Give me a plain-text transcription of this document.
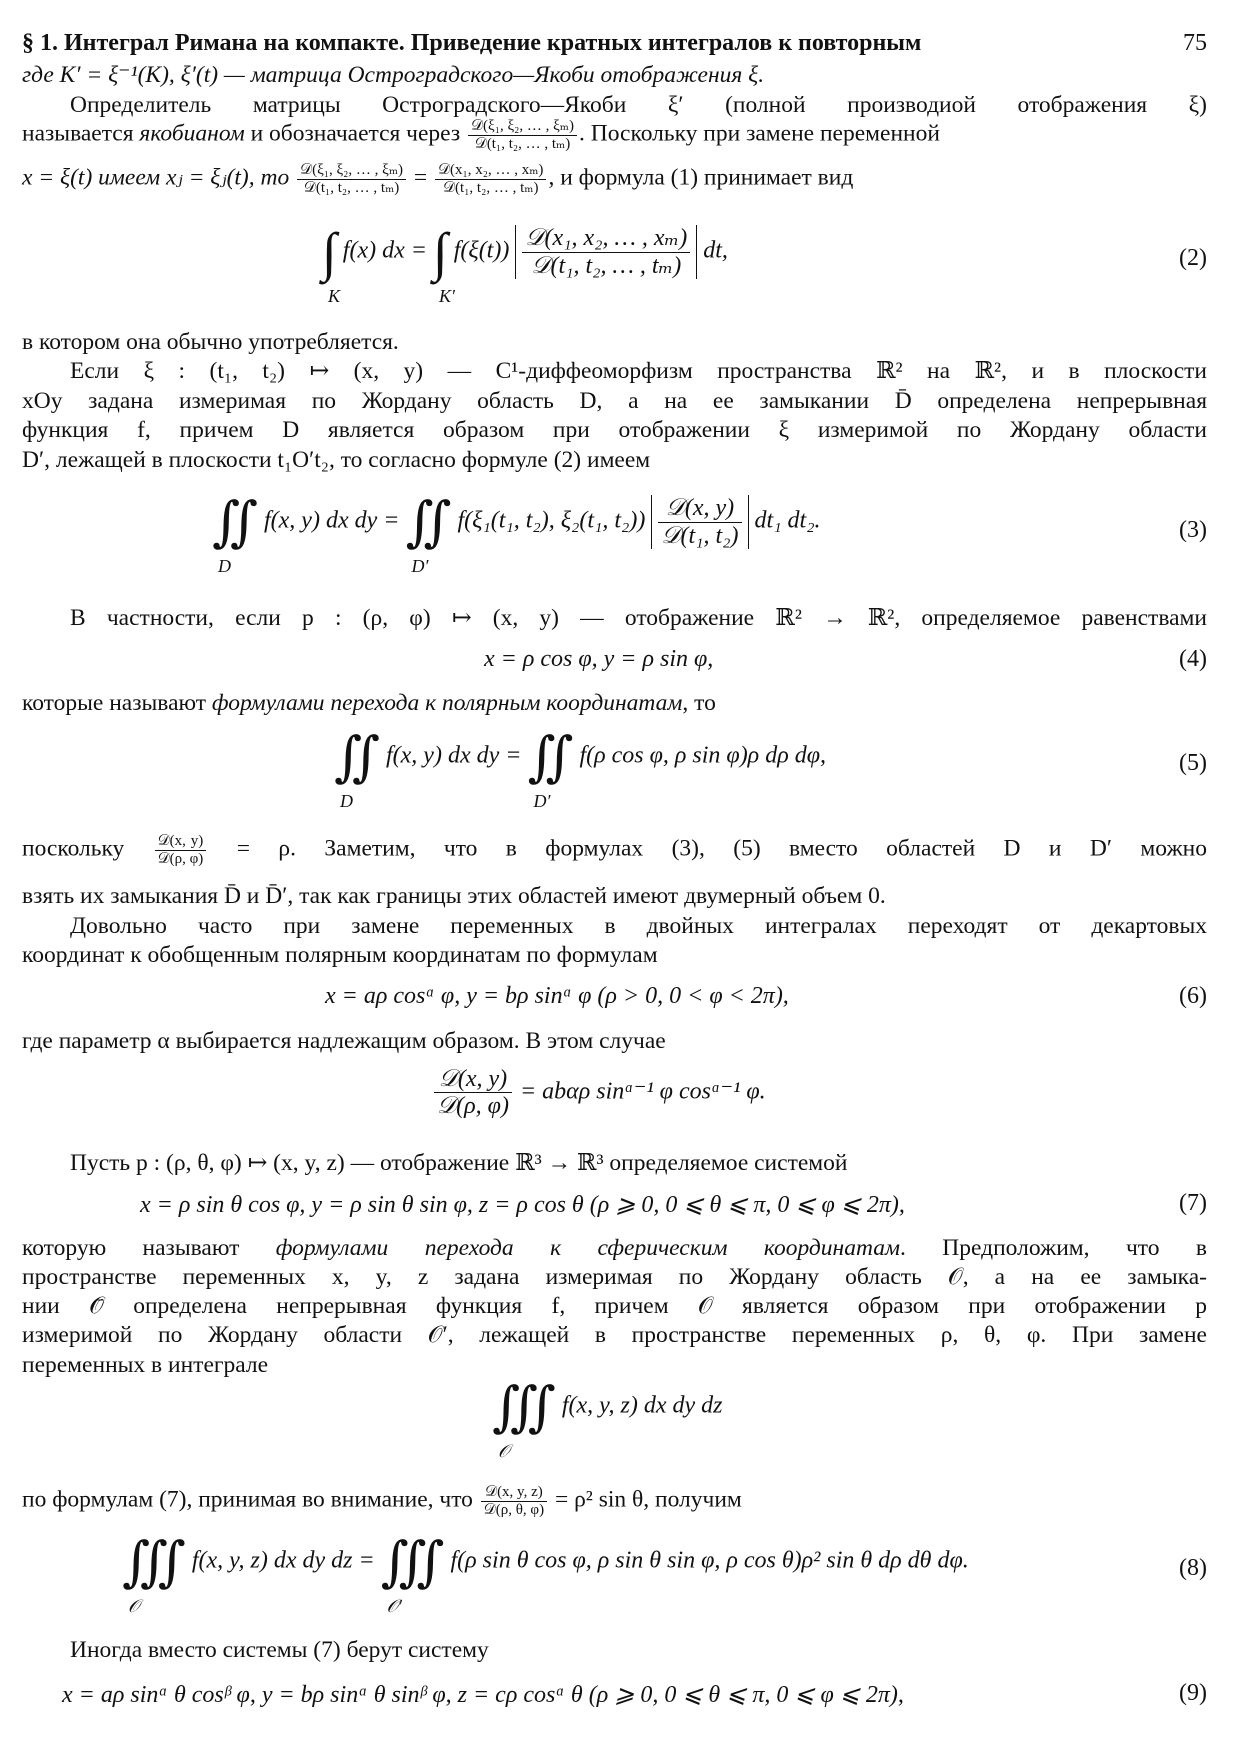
§ 1. Интеграл Римана на компакте. Приведение кратных интегралов к повторным	75
где K′ = ξ⁻¹(K), ξ′(t) — матрица Остроградского—Якоби отображения ξ.
Определитель матрицы Остроградского—Якоби ξ′ (полной производиой отображения ξ)
называется якобианом и обозначается через $\frac{\text{𝒟(ξ₁, ξ₂, … , ξₘ)}}{\text{𝒟(t₁, t₂, … , tₘ)}}$ . Поскольку при замене переменной
x = ξ(t) имеем xⱼ = ξⱼ(t), то $\frac{\text{𝒟(ξ₁, ξ₂, … , ξₘ)}}{\text{𝒟(t₁, t₂, … , tₘ)}} = \frac{\text{𝒟(x₁, x₂, … , xₘ)}}{\text{𝒟(t₁, t₂, … , tₘ)}}$ , и формула (1) принимает вид
∫
K
f(x) dx = ∫
K′
$f(\xi(t)) \frac{\text{𝒟(x₁, x₂, … , xₘ)}}{\text{𝒟(t₁, t₂, … , tₘ)}}$ dt,	(2)
в котором она обычно употребляется.
Если ξ : (t₁, t₂) ↦ (x, y) — C¹-диффеоморфизм пространства ℝ² на ℝ², и в плоскости
xOy задана измеримая по Жордану область D, а на ее замыкании D̄ определена непрерывная
функция f, причем D является образом при отображении ξ измеримой по Жордану области
D′, лежащей в плоскости t₁O′t₂, то согласно формуле (2) имеем
∬
D
f(x, y) dx dy = ∬
D′
f(ξ₁(t₁, t₂), ξ₂(t₁, $t_2)) \frac{\text{𝒟(x, y)}}{\text{𝒟(t₁, t₂)}} dt_1$ dt₂.	(3)
В частности, если p : (ρ, φ) ↦ (x, y) — отображение ℝ² → ℝ², определяемое равенствами
x = ρ cos φ, y = ρ sin φ,	(4)
которые называют формулами перехода к полярным координатам, то
∬
D
f(x, y) dx dy = ∬
D′
f(ρ cos φ, ρ sin φ)ρ dρ dφ,	(5)
поскольку $\frac{\text{𝒟(x, y)}}{\text{𝒟(ρ, φ)}} = \rho$. Заметим, что в формулах (3), (5) вместо областей D и D′ можно
взять их замыкания D̄ и D̄′, так как границы этих областей имеют двумерный объем 0.
Довольно часто при замене переменных в двойных интегралах переходят от декартовых
координат к обобщенным полярным координатам по формулам
x = aρ cosᵅ φ, y = bρ sinᵅ φ (ρ > 0, 0 < φ < 2π),	(6)
где параметр α выбирается надлежащим образом. В этом случае
$\frac{\text{𝒟(x, y)}}{\text{𝒟(ρ, φ)}} = ab\alpha\rho$ sinᵅ⁻¹ φ cosᵅ⁻¹ φ.
Пусть p : (ρ, θ, φ) ↦ (x, y, z) — отображение ℝ³ → ℝ³ определяемое системой
x = ρ sin θ cos φ, y = ρ sin θ sin φ, z = ρ cos θ (ρ ⩾ 0, 0 ⩽ θ ⩽ π, 0 ⩽ φ ⩽ 2π),	(7)
которую называют формулами перехода к сферическим координатам. Предположим, что в
пространстве переменных x, y, z задана измеримая по Жордану область 𝒪, а на ее замыка-
нии 𝒪̄ определена непрерывная функция f, причем 𝒪 является образом при отображении p
измеримой по Жордану области 𝒪′, лежащей в пространстве переменных ρ, θ, φ. При замене
переменных в интеграле
∭
𝒪
f(x, y, z) dx dy dz
по формулам (7), принимая во внимание, что $\frac{\text{𝒟(x, y, z)}}{\text{𝒟(ρ, θ, φ)}} = \rho^2$ sin θ, получим
∭
𝒪
f(x, y, z) dx dy dz = ∭
𝒪′
f(ρ sin θ cos φ, ρ sin θ sin φ, ρ cos θ)ρ² sin θ dρ dθ dφ.	(8)
Иногда вместо системы (7) берут систему
x = aρ sinᵅ θ cosᵝ φ, y = bρ sinᵅ θ sinᵝ φ, z = cρ cosᵅ θ (ρ ⩾ 0, 0 ⩽ θ ⩽ π, 0 ⩽ φ ⩽ 2π),	(9)
